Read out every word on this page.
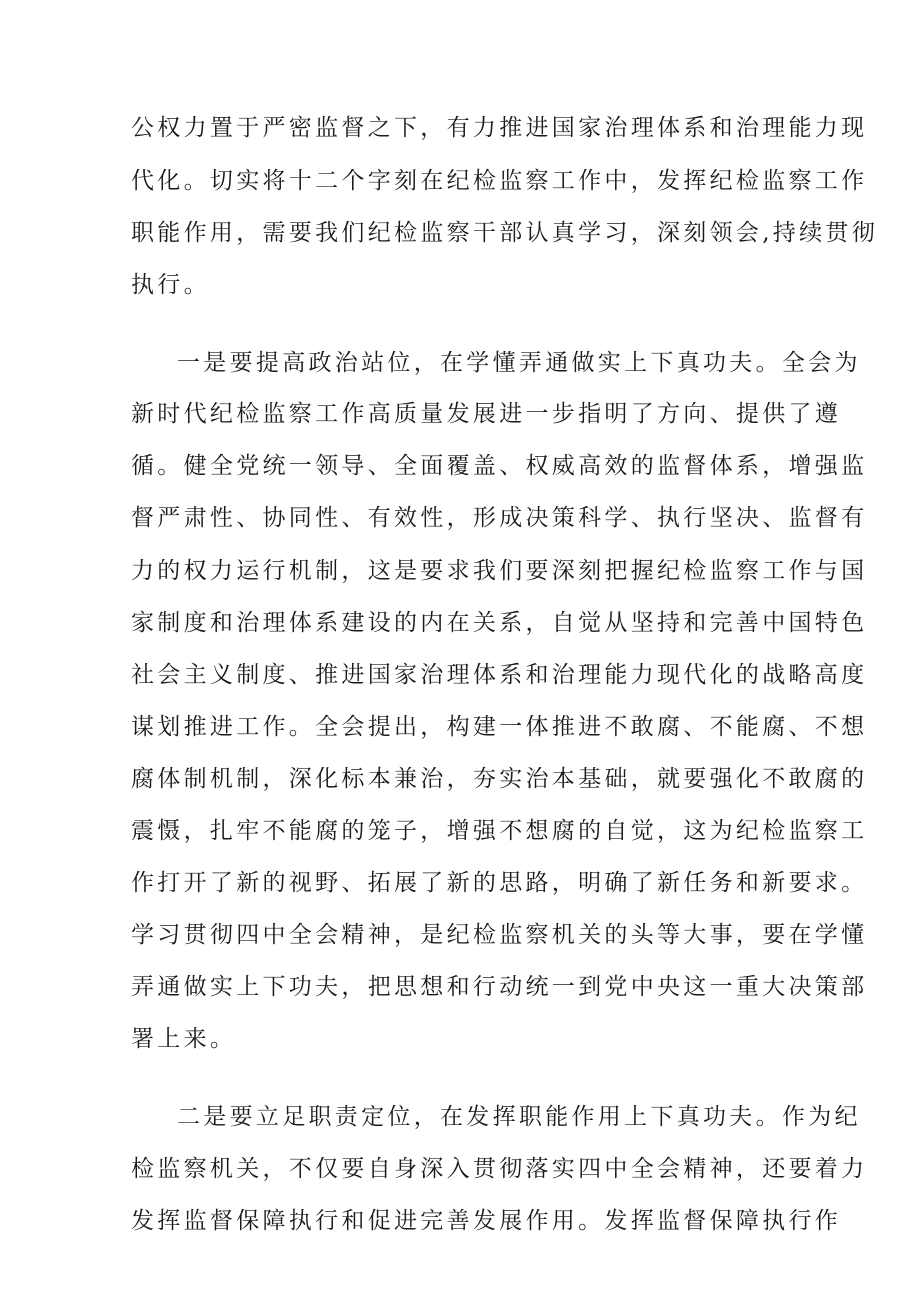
公权力置于严密监督之下，有力推进国家治理体系和治理能力现
代化。切实将十二个字刻在纪检监察工作中，发挥纪检监察工作
职能作用，需要我们纪检监察干部认真学习，深刻领会,持续贯彻
执行。
一是要提高政治站位，在学懂弄通做实上下真功夫。全会为
新时代纪检监察工作高质量发展进一步指明了方向、提供了遵
循。健全党统一领导、全面覆盖、权威高效的监督体系，增强监
督严肃性、协同性、有效性，形成决策科学、执行坚决、监督有
力的权力运行机制，这是要求我们要深刻把握纪检监察工作与国
家制度和治理体系建设的内在关系，自觉从坚持和完善中国特色
社会主义制度、推进国家治理体系和治理能力现代化的战略高度
谋划推进工作。全会提出，构建一体推进不敢腐、不能腐、不想
腐体制机制，深化标本兼治，夯实治本基础，就要强化不敢腐的
震慑，扎牢不能腐的笼子，增强不想腐的自觉，这为纪检监察工
作打开了新的视野、拓展了新的思路，明确了新任务和新要求。
学习贯彻四中全会精神，是纪检监察机关的头等大事，要在学懂
弄通做实上下功夫，把思想和行动统一到党中央这一重大决策部
署上来。
二是要立足职责定位，在发挥职能作用上下真功夫。作为纪
检监察机关，不仅要自身深入贯彻落实四中全会精神，还要着力
发挥监督保障执行和促进完善发展作用。发挥监督保障执行作
